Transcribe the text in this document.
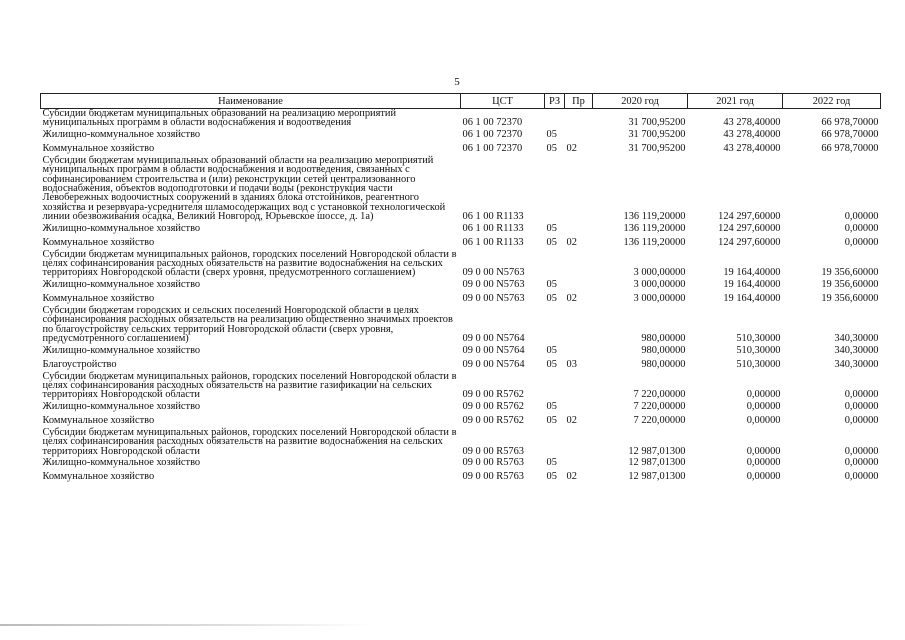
5
Наименование	ЦСТ	РЗ	Пр	2020 год	2021 год	2022 год
Субсидии бюджетам муниципальных образований на реализацию мероприятий муниципальных программ в области водоснабжения и водоотведения	06 1 00 72370			31 700,95200	43 278,40000	66 978,70000
Жилищно-коммунальное хозяйство	06 1 00 72370	05		31 700,95200	43 278,40000	66 978,70000
Коммунальное хозяйство	06 1 00 72370	05	02	31 700,95200	43 278,40000	66 978,70000
Субсидии бюджетам муниципальных образований области на реализацию мероприятий муниципальных программ в области водоснабжения и водоотведения, связанных с софинансированием строительства и (или) реконструкции сетей централизованного водоснабжения, объектов водоподготовки и подачи воды (реконструкция части Левобережных водоочистных сооружений в зданиях блока отстойников, реагентного хозяйства и резервуара-усреднителя шламосодержащих вод с установкой технологической линии обезвоживания осадка, Великий Новгород, Юрьевское шоссе, д. 1а)	06 1 00 R1133			136 119,20000	124 297,60000	0,00000
Жилищно-коммунальное хозяйство	06 1 00 R1133	05		136 119,20000	124 297,60000	0,00000
Коммунальное хозяйство	06 1 00 R1133	05	02	136 119,20000	124 297,60000	0,00000
Субсидии бюджетам муниципальных районов, городских поселений Новгородской области в целях софинансирования расходных обязательств на развитие водоснабжения на сельских территориях Новгородской области (сверх уровня, предусмотренного соглашением)	09 0 00 N5763			3 000,00000	19 164,40000	19 356,60000
Жилищно-коммунальное хозяйство	09 0 00 N5763	05		3 000,00000	19 164,40000	19 356,60000
Коммунальное хозяйство	09 0 00 N5763	05	02	3 000,00000	19 164,40000	19 356,60000
Субсидии бюджетам городских и сельских поселений Новгородской области в целях софинансирования расходных обязательств на реализацию общественно значимых проектов по благоустройству сельских территорий Новгородской области (сверх уровня, предусмотренного соглашением)	09 0 00 N5764			980,00000	510,30000	340,30000
Жилищно-коммунальное хозяйство	09 0 00 N5764	05		980,00000	510,30000	340,30000
Благоустройство	09 0 00 N5764	05	03	980,00000	510,30000	340,30000
Субсидии бюджетам муниципальных районов, городских поселений Новгородской области в целях софинансирования расходных обязательств на развитие газификации на сельских территориях Новгородской области	09 0 00 R5762			7 220,00000	0,00000	0,00000
Жилищно-коммунальное хозяйство	09 0 00 R5762	05		7 220,00000	0,00000	0,00000
Коммунальное хозяйство	09 0 00 R5762	05	02	7 220,00000	0,00000	0,00000
Субсидии бюджетам муниципальных районов, городских поселений Новгородской области в целях софинансирования расходных обязательств на развитие водоснабжения на сельских территориях Новгородской области	09 0 00 R5763			12 987,01300	0,00000	0,00000
Жилищно-коммунальное хозяйство	09 0 00 R5763	05		12 987,01300	0,00000	0,00000
Коммунальное хозяйство	09 0 00 R5763	05	02	12 987,01300	0,00000	0,00000
